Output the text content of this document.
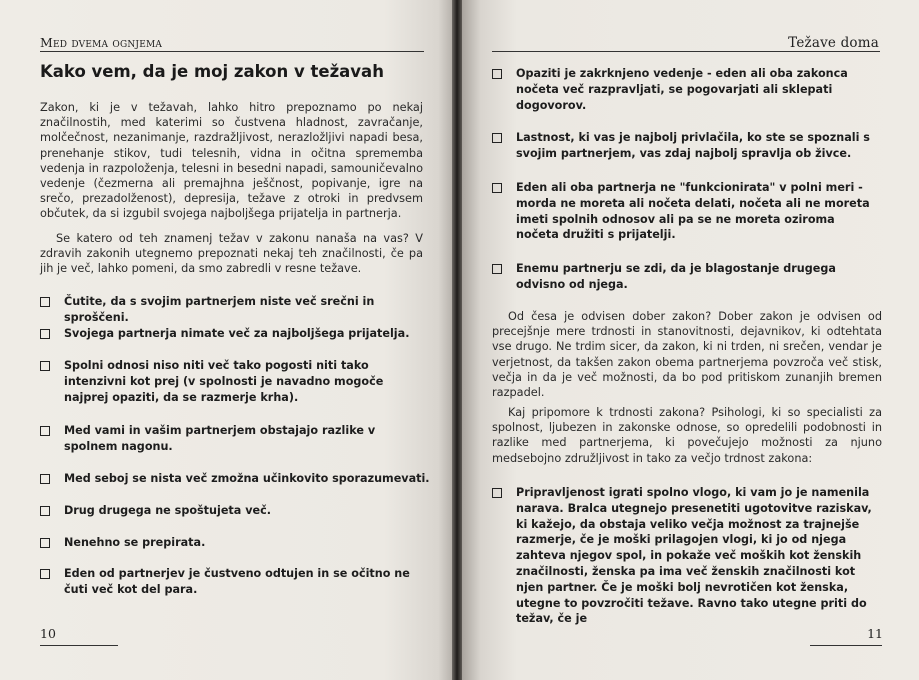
Med dvema ognjema
Kako vem, da je moj zakon v težavah

Zakon, ki je v težavah, lahko hitro prepoznamo po nekaj značilnostih, med katerimi so čustvena hladnost, zavračanje, molčečnost, nezanimanje, razdražljivost, nerazložljivi napadi besa, prenehanje stikov, tudi telesnih, vidna in očitna sprememba vedenja in razpoloženja, telesni in besedni napadi, samouničevalno vedenje (čezmerna ali premajhna ješčnost, popivanje, igre na srečo, prezadolženost), depresija, težave z otroki in predvsem občutek, da si izgubil svojega najboljšega prijatelja in partnerja.

Se katero od teh znamenj težav v zakonu nanaša na vas? V zdravih zakonih utegnemo prepoznati nekaj teh značilnosti, če pa jih je več, lahko pomeni, da smo zabredli v resne težave.

Čutite, da s svojim partnerjem niste več srečni in sproščeni.
Svojega partnerja nimate več za najboljšega prijatelja.
Spolni odnosi niso niti več tako pogosti niti tako intenzivni kot prej (v spolnosti je navadno mogoče najprej opaziti, da se razmerje krha).
Med vami in vašim partnerjem obstajajo razlike v spolnem nagonu.
Med seboj se nista več zmožna učinkovito sporazumevati.
Drug drugega ne spoštujeta več.
Nenehno se prepirata.
Eden od partnerjev je čustveno odtujen in se očitno ne čuti več kot del para.
10
Težave doma
Opaziti je zakrknjeno vedenje - eden ali oba zakonca nočeta več razpravljati, se pogovarjati ali sklepati dogovorov.
Lastnost, ki vas je najbolj privlačila, ko ste se spoznali s svojim partnerjem, vas zdaj najbolj spravlja ob živce.
Eden ali oba partnerja ne "funkcionirata" v polni meri - morda ne moreta ali nočeta delati, nočeta ali ne moreta imeti spolnih odnosov ali pa se ne moreta oziroma nočeta družiti s prijatelji.
Enemu partnerju se zdi, da je blagostanje drugega odvisno od njega.

Od česa je odvisen dober zakon? Dober zakon je odvisen od precejšnje mere trdnosti in stanovitnosti, dejavnikov, ki odtehtata vse drugo. Ne trdim sicer, da zakon, ki ni trden, ni srečen, vendar je verjetnost, da takšen zakon obema partnerjema povzroča več stisk, večja in da je več možnosti, da bo pod pritiskom zunanjih bremen razpadel.

Kaj pripomore k trdnosti zakona? Psihologi, ki so specialisti za spolnost, ljubezen in zakonske odnose, so opredelili podobnosti in razlike med partnerjema, ki povečujejo možnosti za njuno medsebojno združljivost in tako za večjo trdnost zakona:

Pripravljenost igrati spolno vlogo, ki vam jo je namenila narava. Bralca utegnejo presenetiti ugotovitve raziskav, ki kažejo, da obstaja veliko večja možnost za trajnejše razmerje, če je moški prilagojen vlogi, ki jo od njega zahteva njegov spol, in pokaže več moških kot ženskih značilnosti, ženska pa ima več ženskih značilnosti kot njen partner. Če je moški bolj nevrotičen kot ženska, utegne to povzročiti težave. Ravno tako utegne priti do težav, če je
11
